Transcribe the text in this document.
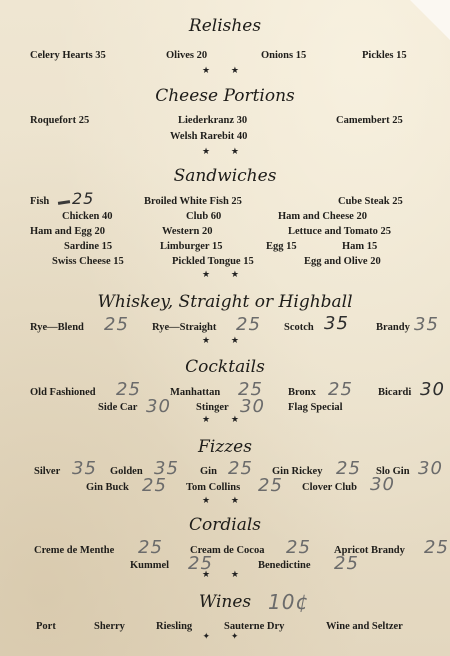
Relishes
Celery Hearts 35	Olives 20	Onions 15	Pickles 15
★ ★
Cheese Portions
Roquefort 25	Liederkranz 30	Camembert 25
Welsh Rarebit 40
★ ★
Sandwiches
Fish 25	Broiled White Fish 25	Cube Steak 25
Chicken 40	Club 60	Ham and Cheese 20
Ham and Egg 20	Western 20	Lettuce and Tomato 25
Sardine 15	Limburger 15	Egg 15	Ham 15
Swiss Cheese 15	Pickled Tongue 15	Egg and Olive 20
★ ★
Whiskey, Straight or Highball
Rye—Blend 25 Rye—Straight 25 Scotch 35	Brandy 35
★ ★
Cocktails
Old Fashioned 25	Manhattan 25 Bronx 25 Bicardi 30
Side Car 30 Stinger 30 Flag Special
★ ★
Fizzes
Silver 35 Golden 35 Gin 25 Gin Rickey 25 Slo Gin 30
Gin Buck 25 Tom Collins 25 Clover Club 30
★ ★
Cordials
Creme de Menthe 25	Cream de Cocoa 25 Apricot Brandy 25
Kummel 25	Benedictine 25
★ ★
Wines 10¢
Port	Sherry	Riesling	Sauterne Dry	Wine and Seltzer
✦ ✦
